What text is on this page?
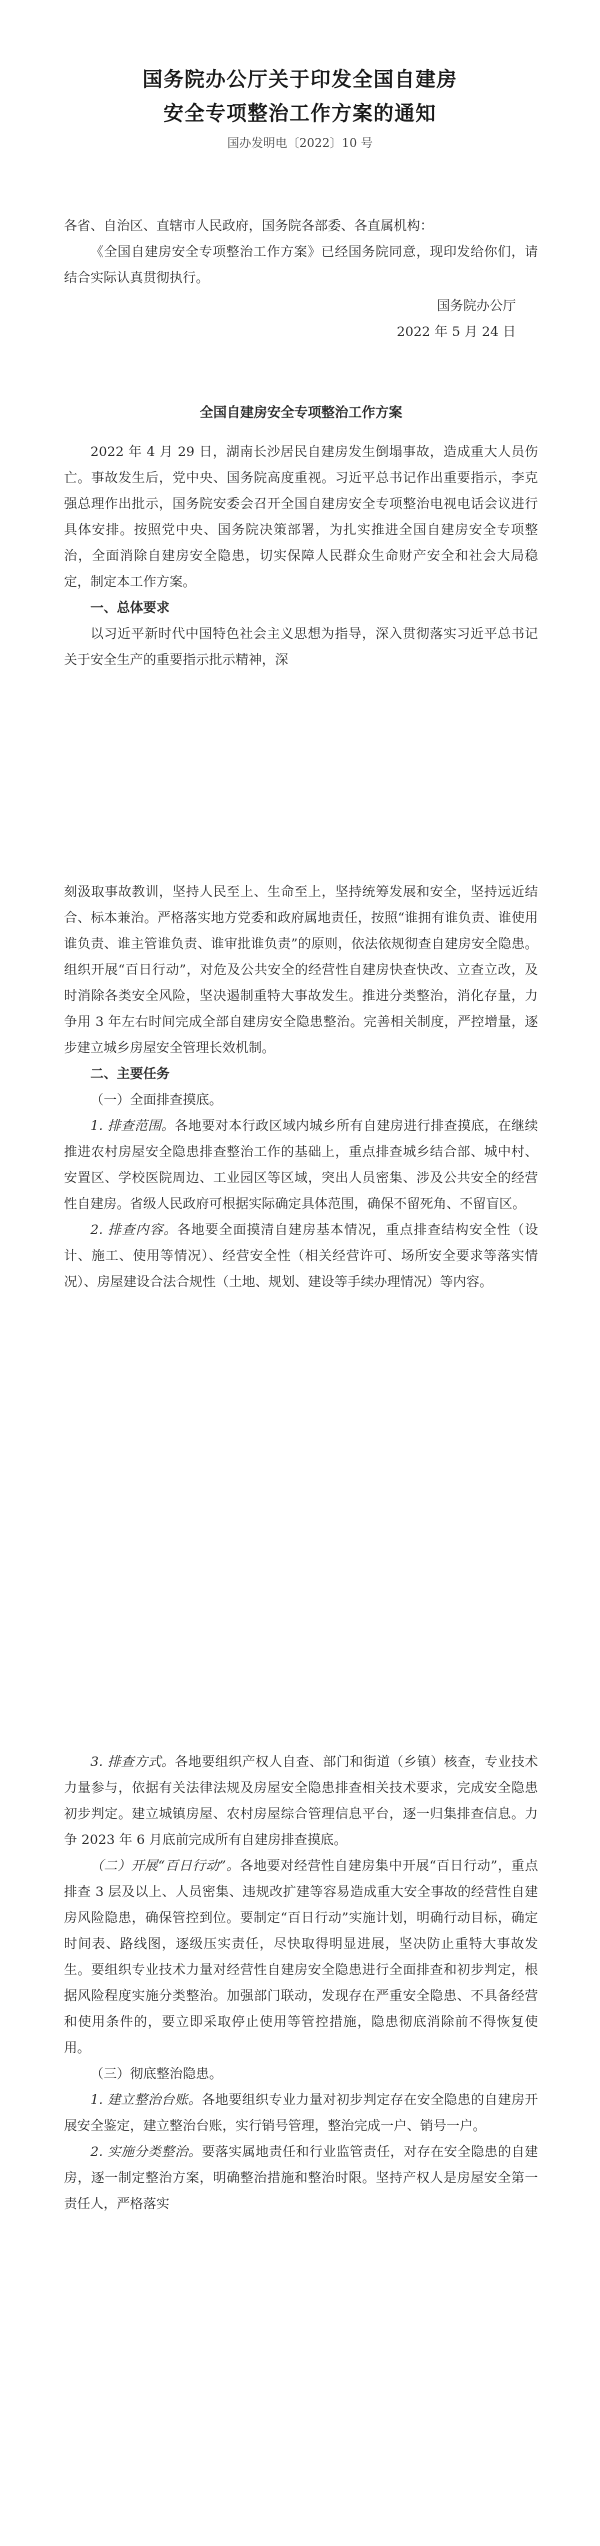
国务院办公厅关于印发全国自建房
安全专项整治工作方案的通知
国办发明电〔2022〕10 号

各省、自治区、直辖市人民政府，国务院各部委、各直属机构：

《全国自建房安全专项整治工作方案》已经国务院同意，现印发给你们，请结合实际认真贯彻执行。

国务院办公厅

2022 年 5 月 24 日

全国自建房安全专项整治工作方案

2022 年 4 月 29 日，湖南长沙居民自建房发生倒塌事故，造成重大人员伤亡。事故发生后，党中央、国务院高度重视。习近平总书记作出重要指示，李克强总理作出批示，国务院安委会召开全国自建房安全专项整治电视电话会议进行具体安排。按照党中央、国务院决策部署，为扎实推进全国自建房安全专项整治，全面消除自建房安全隐患，切实保障人民群众生命财产安全和社会大局稳定，制定本工作方案。

一、总体要求

以习近平新时代中国特色社会主义思想为指导，深入贯彻落实习近平总书记关于安全生产的重要指示批示精神，深

刻汲取事故教训，坚持人民至上、生命至上，坚持统筹发展和安全，坚持远近结合、标本兼治。严格落实地方党委和政府属地责任，按照“谁拥有谁负责、谁使用谁负责、谁主管谁负责、谁审批谁负责”的原则，依法依规彻查自建房安全隐患。组织开展“百日行动”，对危及公共安全的经营性自建房快查快改、立查立改，及时消除各类安全风险，坚决遏制重特大事故发生。推进分类整治，消化存量，力争用 3 年左右时间完成全部自建房安全隐患整治。完善相关制度，严控增量，逐步建立城乡房屋安全管理长效机制。

二、主要任务

（一）全面排查摸底。

1. 排查范围。各地要对本行政区域内城乡所有自建房进行排查摸底，在继续推进农村房屋安全隐患排查整治工作的基础上，重点排查城乡结合部、城中村、安置区、学校医院周边、工业园区等区域，突出人员密集、涉及公共安全的经营性自建房。省级人民政府可根据实际确定具体范围，确保不留死角、不留盲区。

2. 排查内容。各地要全面摸清自建房基本情况，重点排查结构安全性（设计、施工、使用等情况）、经营安全性（相关经营许可、场所安全要求等落实情况）、房屋建设合法合规性（土地、规划、建设等手续办理情况）等内容。

3. 排查方式。各地要组织产权人自查、部门和街道（乡镇）核查，专业技术力量参与，依据有关法律法规及房屋安全隐患排查相关技术要求，完成安全隐患初步判定。建立城镇房屋、农村房屋综合管理信息平台，逐一归集排查信息。力争 2023 年 6 月底前完成所有自建房排查摸底。

（二）开展“百日行动”。各地要对经营性自建房集中开展“百日行动”，重点排查 3 层及以上、人员密集、违规改扩建等容易造成重大安全事故的经营性自建房风险隐患，确保管控到位。要制定“百日行动”实施计划，明确行动目标，确定时间表、路线图，逐级压实责任，尽快取得明显进展，坚决防止重特大事故发生。要组织专业技术力量对经营性自建房安全隐患进行全面排查和初步判定，根据风险程度实施分类整治。加强部门联动，发现存在严重安全隐患、不具备经营和使用条件的，要立即采取停止使用等管控措施，隐患彻底消除前不得恢复使用。

（三）彻底整治隐患。

1. 建立整治台账。各地要组织专业力量对初步判定存在安全隐患的自建房开展安全鉴定，建立整治台账，实行销号管理，整治完成一户、销号一户。

2. 实施分类整治。要落实属地责任和行业监管责任，对存在安全隐患的自建房，逐一制定整治方案，明确整治措施和整治时限。坚持产权人是房屋安全第一责任人，严格落实
